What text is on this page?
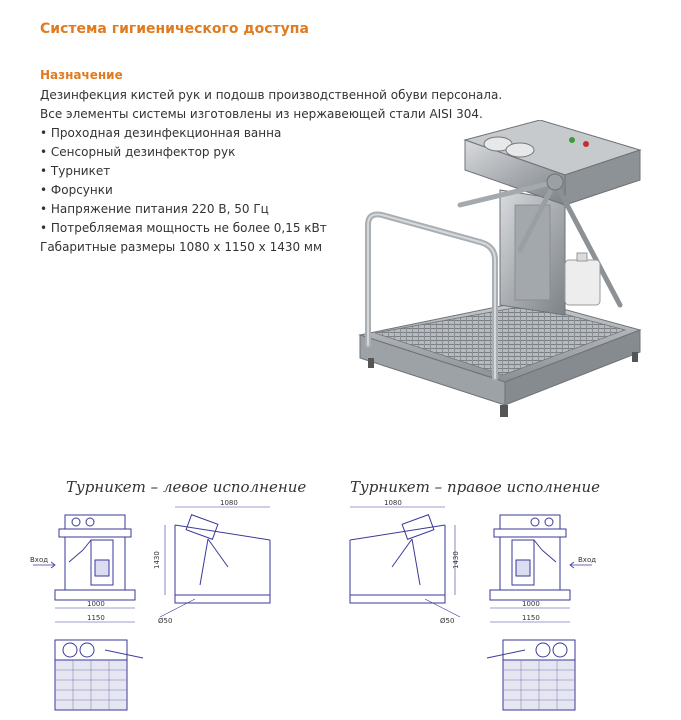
Система гигиенического доступа
Назначение

Дезинфекция кистей рук и подошв производственной обуви персонала.

Все элементы системы изготовлены из нержавеющей стали AISI 304.

• Проходная дезинфекционная ванна
• Сенсорный дезинфектор рук
• Турникет
• Форсунки
• Напряжение питания 220 В, 50 Гц
• Потребляемая мощность не более 0,15 кВт

Габаритные размеры 1080 х 1150 х 1430 мм

Турникет – левое исполнение	Турникет – правое исполнение
Вход
1000
1150
1080
1430
Ø50
1080
1430
Ø50
Вход
1000
1150
